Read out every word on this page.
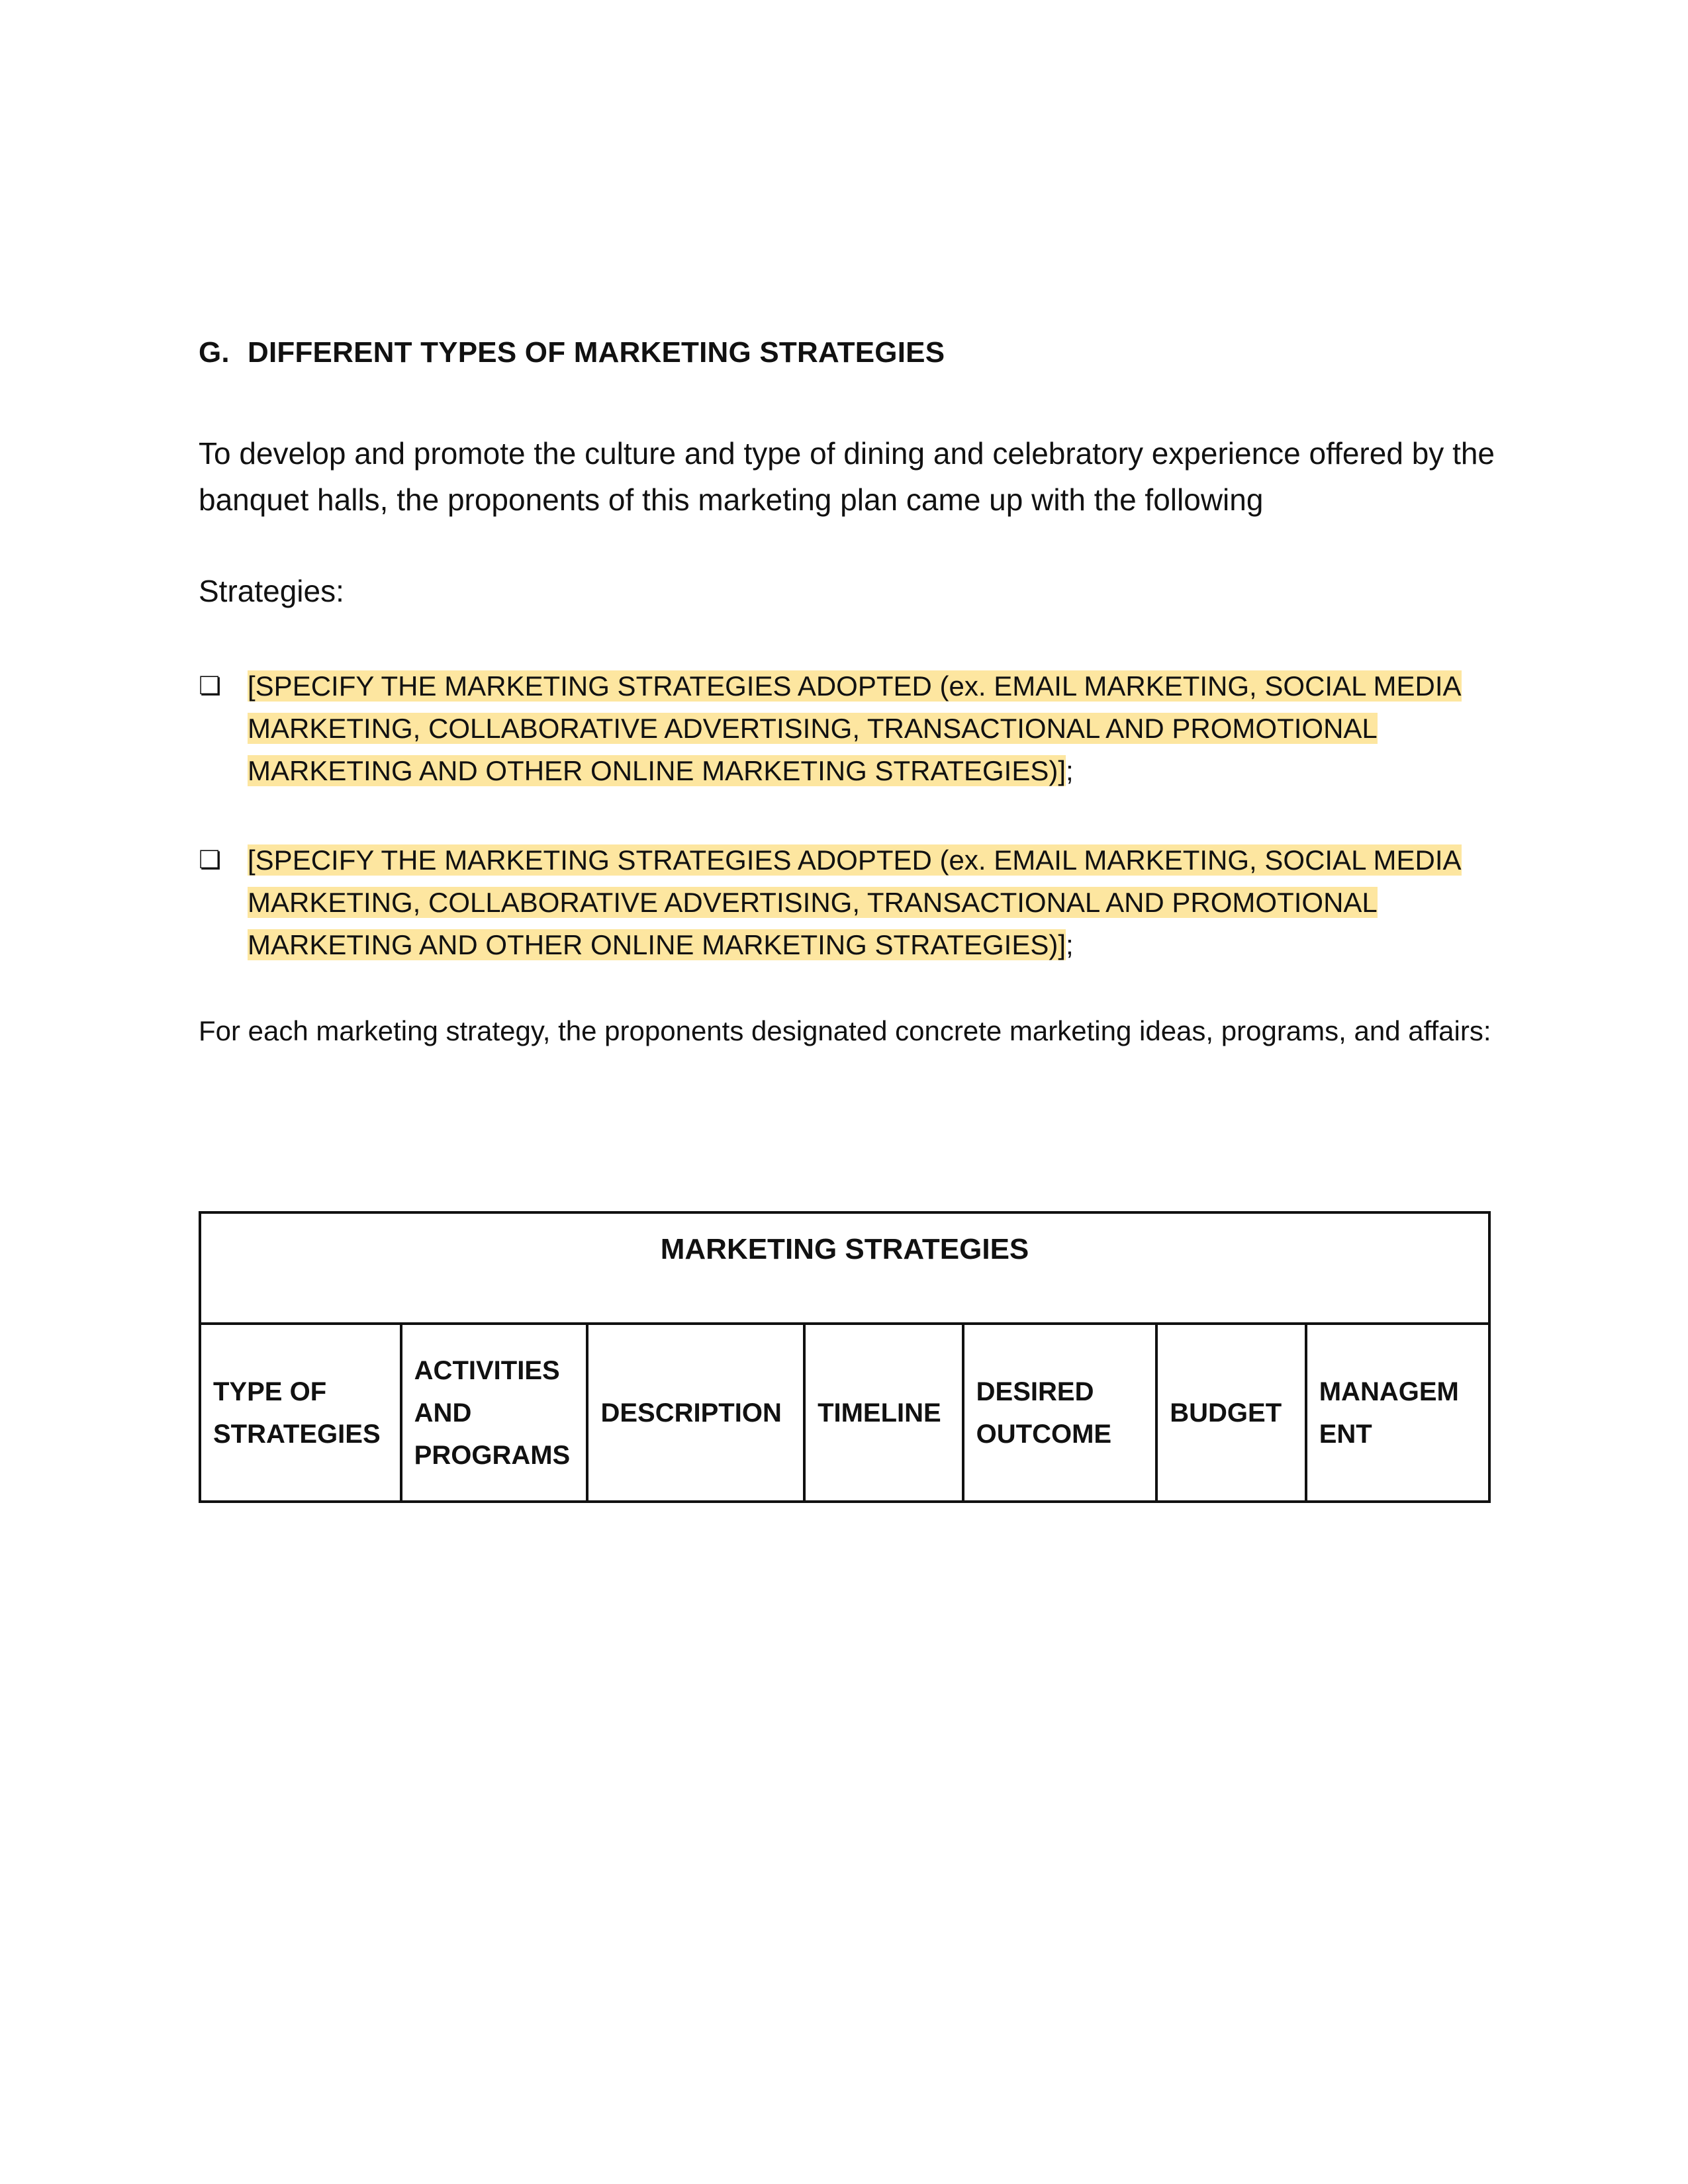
G. DIFFERENT TYPES OF MARKETING STRATEGIES

To develop and promote the culture and type of dining and celebratory experience offered by the banquet halls, the proponents of this marketing plan came up with the following

Strategies:
❏ [SPECIFY THE MARKETING STRATEGIES ADOPTED (ex. EMAIL MARKETING, SOCIAL MEDIA MARKETING, COLLABORATIVE ADVERTISING, TRANSACTIONAL AND PROMOTIONAL MARKETING AND OTHER ONLINE MARKETING STRATEGIES)];
❏ [SPECIFY THE MARKETING STRATEGIES ADOPTED (ex. EMAIL MARKETING, SOCIAL MEDIA MARKETING, COLLABORATIVE ADVERTISING, TRANSACTIONAL AND PROMOTIONAL MARKETING AND OTHER ONLINE MARKETING STRATEGIES)];

For each marketing strategy, the proponents designated concrete marketing ideas, programs, and affairs:

MARKETING STRATEGIES
TYPE OF STRATEGIES	ACTIVITIES AND PROGRAMS	DESCRIPTION	TIMELINE	DESIRED OUTCOME	BUDGET	MANAGEM ENT
